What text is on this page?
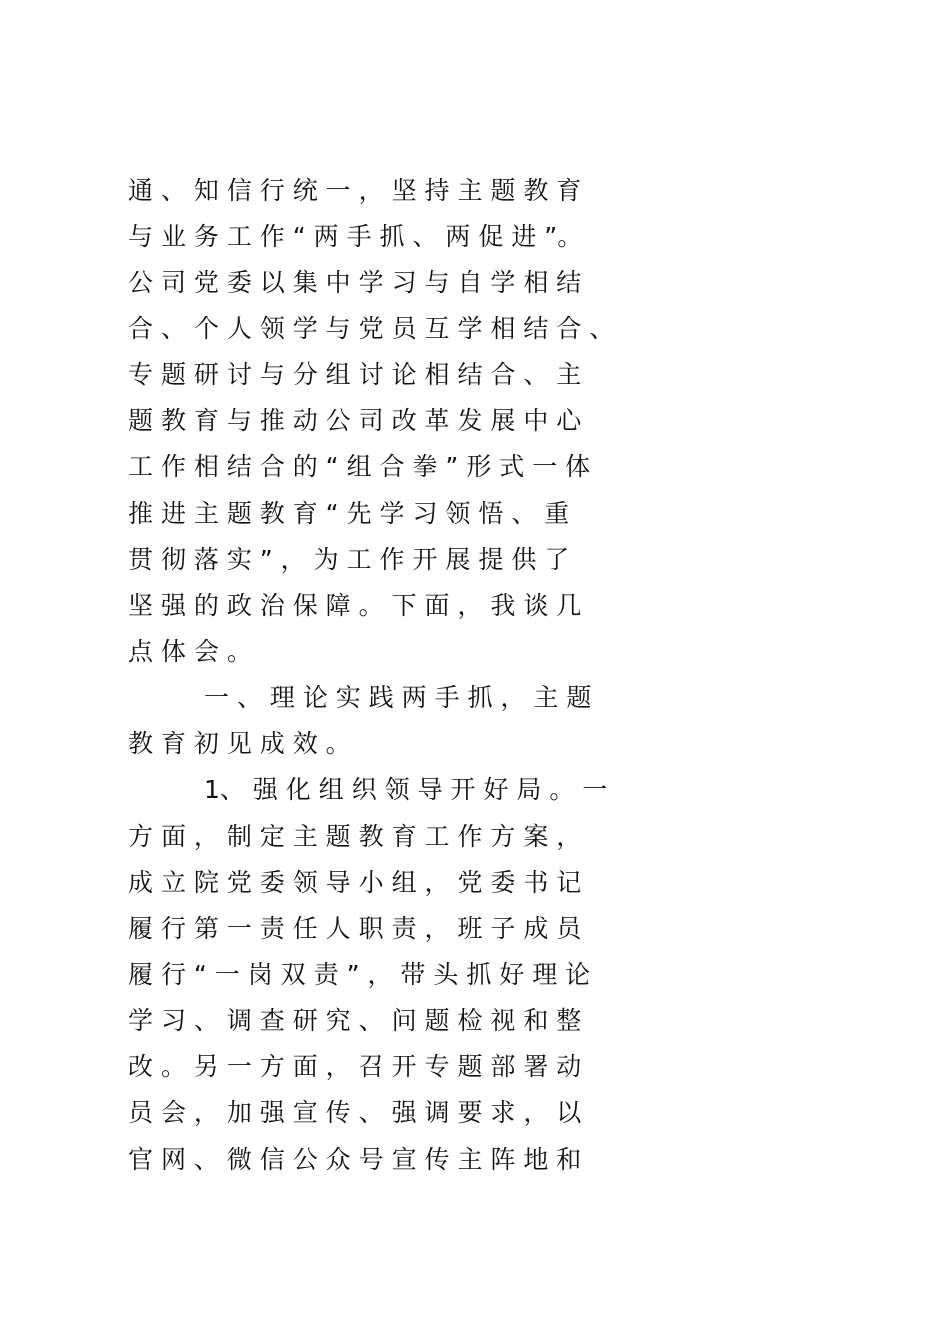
通 、 知 信 行 统 一 ， 坚 持 主 题 教 育
与 业 务 工 作 “ 两 手 抓 、 两 促 进 ”。
公 司 党 委 以 集 中 学 习 与 自 学 相 结
合 、 个 人 领 学 与 党 员 互 学 相 结 合 、
专 题 研 讨 与 分 组 讨 论 相 结 合 、 主
题 教 育 与 推 动 公 司 改 革 发 展 中 心
工 作 相 结 合 的 “ 组 合 拳 ” 形 式 一 体
推 进 主 题 教 育 “ 先 学 习 领 悟 、 重
贯 彻 落 实 ” ， 为 工 作 开 展 提 供 了
坚 强 的 政 治 保 障 。 下 面 ， 我 谈 几
点 体 会 。
一 、 理 论 实 践 两 手 抓 ， 主 题
教 育 初 见 成 效 。
1、 强 化 组 织 领 导 开 好 局 。 一
方 面 ， 制 定 主 题 教 育 工 作 方 案 ，
成 立 院 党 委 领 导 小 组 ， 党 委 书 记
履 行 第 一 责 任 人 职 责 ， 班 子 成 员
履 行 “ 一 岗 双 责 ” ， 带 头 抓 好 理 论
学 习 、 调 查 研 究 、 问 题 检 视 和 整
改 。 另 一 方 面 ， 召 开 专 题 部 署 动
员 会 ， 加 强 宣 传 、 强 调 要 求 ， 以
官 网 、 微 信 公 众 号 宣 传 主 阵 地 和
